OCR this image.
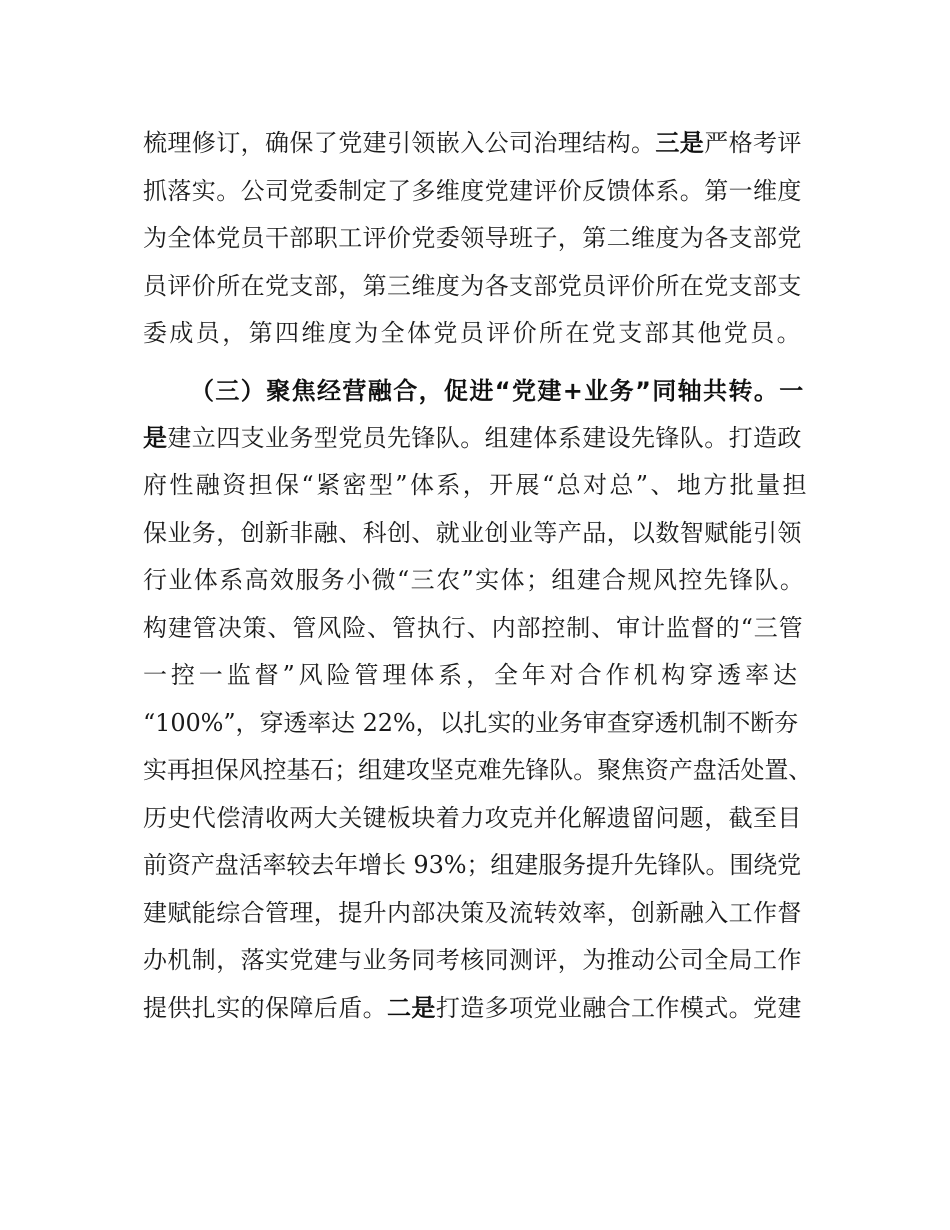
梳理修订，确保了党建引领嵌入公司治理结构。三是严格考评
抓落实。公司党委制定了多维度党建评价反馈体系。第一维度
为全体党员干部职工评价党委领导班子，第二维度为各支部党
员评价所在党支部，第三维度为各支部党员评价所在党支部支
委成员，第四维度为全体党员评价所在党支部其他党员。
（三）聚焦经营融合，促进“党建+业务”同轴共转。一
是建立四支业务型党员先锋队。组建体系建设先锋队。打造政
府性融资担保“紧密型”体系，开展“总对总”、地方批量担
保业务，创新非融、科创、就业创业等产品，以数智赋能引领
行业体系高效服务小微“三农”实体；组建合规风控先锋队。
构建管决策、管风险、管执行、内部控制、审计监督的“三管
一控一监督”风险管理体系，全年对合作机构穿透率达
“100%”，穿透率达 22%，以扎实的业务审查穿透机制不断夯
实再担保风控基石；组建攻坚克难先锋队。聚焦资产盘活处置、
历史代偿清收两大关键板块着力攻克并化解遗留问题，截至目
前资产盘活率较去年增长 93%；组建服务提升先锋队。围绕党
建赋能综合管理，提升内部决策及流转效率，创新融入工作督
办机制，落实党建与业务同考核同测评，为推动公司全局工作
提供扎实的保障后盾。二是打造多项党业融合工作模式。党建
